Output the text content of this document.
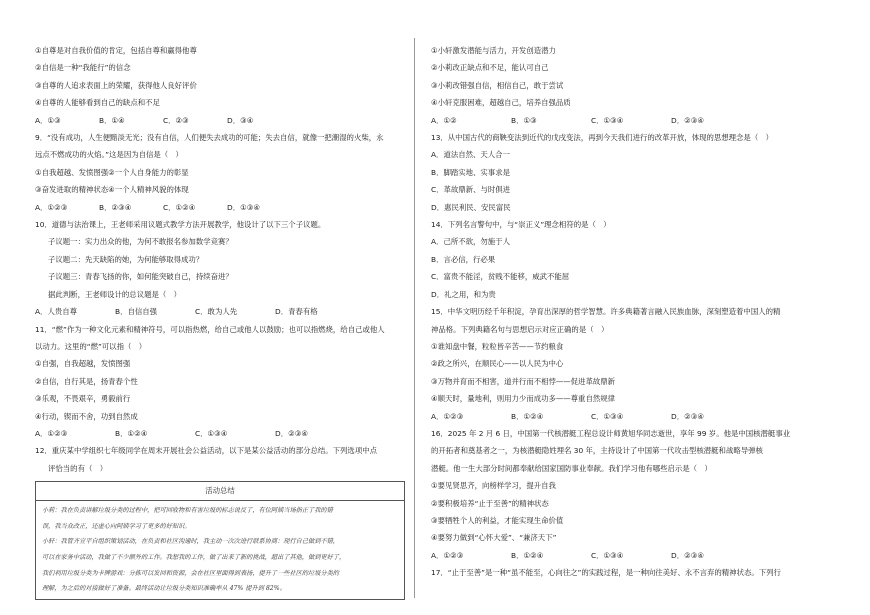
①自尊是对自我价值的肯定，包括自尊和赢得他尊
②自信是一种“我能行”的信念
③自尊的人追求表面上的荣耀，获得他人良好评价
④自尊的人能够看到自己的缺点和不足
A．①③	B．①④	C．②③	D．③④
9．“没有成功，人生便黯淡无光；没有自信，人们便失去成功的可能；失去自信，就像一把潮湿的火柴，永
远点不燃成功的火焰。”这是因为自信是（　）
①自我超越、发愤图强②一个人自身能力的彰显
③奋发进取的精神状态④一个人精神风貌的体现
A．①②③	B．②③④	C．①②④	D．①③④
10．道德与法治课上，王老师采用议题式教学方法开展教学，他设计了以下三个子议题。
子议题一：实力出众的他，为何不敢报名参加数学竞赛？
子议题二：先天缺陷的她，为何能够取得成功？
子议题三：青春飞扬的你，如何能突破自己，持续奋进？
据此判断，王老师设计的总议题是（　）
A．人贵自尊	B．自信自强	C．敢为人先	D．青春有格
11．“燃”作为一种文化元素和精神符号，可以指热燃，给自己或他人以鼓励；也可以指燃烧，给自己或他人
以动力。这里的“燃”可以指（　）
①自强，自我超越，发愤图强
②自信，自行其是，扬青春个性
③乐观，不畏艰辛，勇毅前行
④行动，锲而不舍，功到自然成
A．①②③	B．①②④	C．①③④	D．②③④
12．重庆某中学组织七年级同学在周末开展社会公益活动，以下是某公益活动的部分总结。下列选项中点
评恰当的有（　）
活动总结
小莉：我在负责讲解垃圾分类的过程中，把可回收物和有害垃圾的标志说反了，有位阿姨当场指正了我的错
误，我当众改正，还虚心向阿姨学习了更多的好知识。
小轩：我管齐宣平自组织策划活动，在负责和社区沟通时，我主动一次次进行联系协商：现行自己做到不错，
可以在家务中活动，我做了不少额外的工作。我想我的工作，做了出来了新的挑战，超出了其他，做到更好了，
我们利用垃圾分类为卡牌游戏：分拣可以发回和资源，会在社区里面得到表扬，提升了一些社区的垃圾分类的
理解，为之后的对接做好了准备。最终活动让垃圾分类知识准确率从 47% 提升到 82%。
①小轩激发潜能与活力，开发创造潜力
②小莉改正缺点和不足，能认可自己
③小莉改错强自信，相信自己，敢于尝试
④小轩克服困难，超越自己，培养自强品质
A．①②	B．①③	C．①③④	D．②③④
13．从中国古代的商鞅变法到近代的戊戌变法，再到今天我们进行的改革开放，体现的思想理念是（　）
A．道法自然、天人合一
B．脚踏实地、实事求是
C．革故鼎新、与时俱进
D．惠民利民、安民富民
14．下列名言警句中，与“崇正义”理念相符的是（　）
A．己所不欲，勿施于人
B．言必信，行必果
C．富贵不能淫，贫贱不能移，威武不能屈
D．礼之用，和为贵
15．中华文明历经千年积淀，孕育出深厚的哲学智慧。许多典籍著言融入民族血脉，深刻塑造着中国人的精
神品格。下列典籍名句与思想启示对应正确的是（　）
①谁知盘中餐，粒粒皆辛苦——节约粮食
②政之所兴，在顺民心——以人民为中心
③万物并育而不相害，道并行而不相悖——促进革故鼎新
④顺天时，量地利，则用力少而成功多——尊重自然规律
A．①②③	B．①②④	C．①③④	D．②③④
16．2025 年 2 月 6 日，中国第一代核潜艇工程总设计师黄旭华同志逝世，享年 99 岁。他是中国核潜艇事业
的开拓者和奠基者之一，为核潜艇隐姓埋名 30 年，主持设计了中国第一代攻击型核潜艇和战略导弹核
潜艇。他一生大部分时间都奉献给国家国防事业奉献。我们学习他有哪些启示是（　）
①要见贤思齐，向榜样学习，提升自我
②要积极培养“止于至善”的精神状态
③要牺牲个人的利益，才能实现生命价值
④要努力做到“心怀大爱”、“兼济天下”
A．①②③	B．①②④	C．①③④	D．②③④
17．“止于至善”是一种“虽不能至，心向往之”的实践过程，是一种向往美好、永不言弃的精神状态。下列行
